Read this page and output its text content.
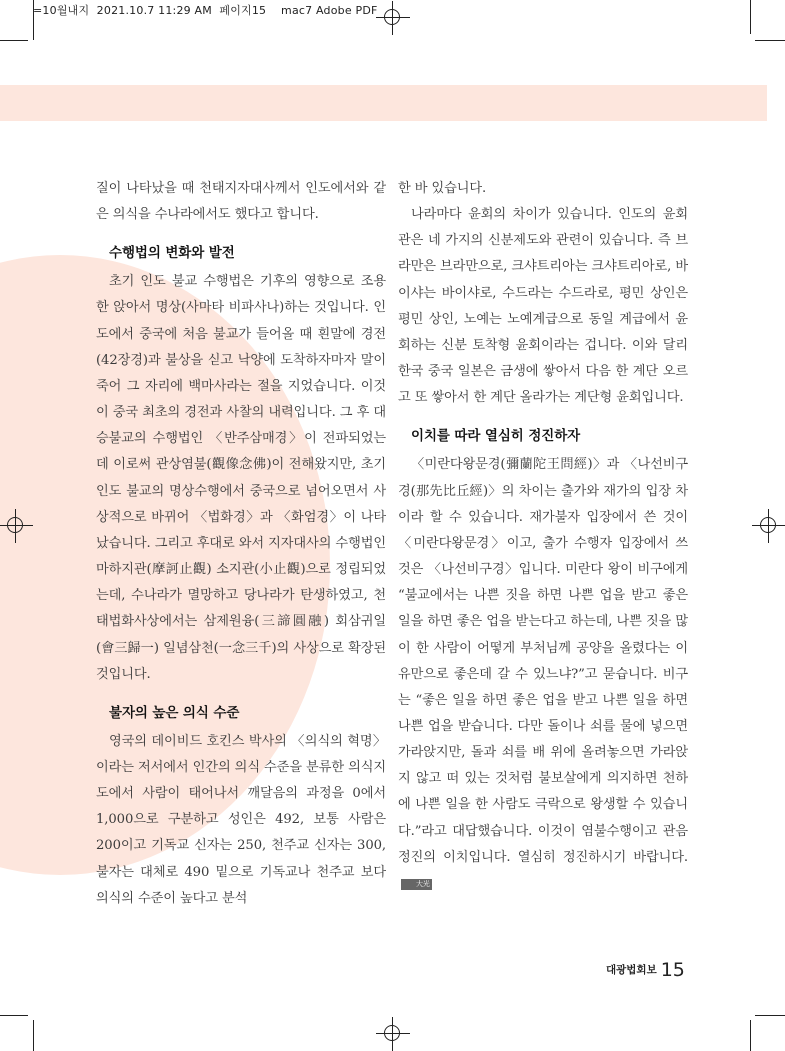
=10월내지  2021.10.7 11:29 AM  페이지15    mac7 Adobe PDF

질이 나타났을 때 천태지자대사께서 인도에서와 같은 의식을 수나라에서도 했다고 합니다.

수행법의 변화와 발전

초기 인도 불교 수행법은 기후의 영향으로 조용한 앉아서 명상(사마타 비파사나)하는 것입니다. 인도에서 중국에 처음 불교가 들어올 때 흰말에 경전(42장경)과 불상을 싣고 낙양에 도착하자마자 말이 죽어 그 자리에 백마사라는 절을 지었습니다. 이것이 중국 최초의 경전과 사찰의 내력입니다. 그 후 대승불교의 수행법인 〈반주삼매경〉이 전파되었는데 이로써 관상염불(觀像念佛)이 전해왔지만, 초기 인도 불교의 명상수행에서 중국으로 넘어오면서 사상적으로 바뀌어 〈법화경〉과 〈화엄경〉이 나타났습니다. 그리고 후대로 와서 지자대사의 수행법인 마하지관(摩訶止觀) 소지관(小止觀)으로 정립되었는데, 수나라가 멸망하고 당나라가 탄생하였고, 천태법화사상에서는 삼제원융(三諦圓融) 회삼귀일(會三歸一) 일념삼천(一念三千)의 사상으로 확장된 것입니다.

불자의 높은 의식 수준

영국의 데이비드 호킨스 박사의 〈의식의 혁명〉이라는 저서에서 인간의 의식 수준을 분류한 의식지도에서 사람이 태어나서 깨달음의 과정을 0에서 1,000으로 구분하고 성인은 492, 보통 사람은 200이고 기독교 신자는 250, 천주교 신자는 300, 불자는 대체로 490 밑으로 기독교나 천주교 보다 의식의 수준이 높다고 분석

한 바 있습니다.

나라마다 윤회의 차이가 있습니다. 인도의 윤회관은 네 가지의 신분제도와 관련이 있습니다. 즉 브라만은 브라만으로, 크샤트리아는 크샤트리아로, 바이샤는 바이샤로, 수드라는 수드라로, 평민 상인은 평민 상인, 노예는 노예계급으로 동일 계급에서 윤회하는 신분 토착형 윤회이라는 겁니다. 이와 달리 한국 중국 일본은 금생에 쌓아서 다음 한 계단 오르고 또 쌓아서 한 계단 올라가는 계단형 윤회입니다.

이치를 따라 열심히 정진하자

〈미란다왕문경(彌蘭陀王問經)〉과 〈나선비구경(那先比丘經)〉의 차이는 출가와 재가의 입장 차이라 할 수 있습니다. 재가불자 입장에서 쓴 것이 〈미란다왕문경〉이고, 출가 수행자 입장에서 쓰 것은 〈나선비구경〉입니다. 미란다 왕이 비구에게 “불교에서는 나쁜 짓을 하면 나쁜 업을 받고 좋은 일을 하면 좋은 업을 받는다고 하는데, 나쁜 짓을 많이 한 사람이 어떻게 부처님께 공양을 올렸다는 이유만으로 좋은데 갈 수 있느냐?”고 묻습니다. 비구는 “좋은 일을 하면 좋은 업을 받고 나쁜 일을 하면 나쁜 업을 받습니다. 다만 돌이나 쇠를 물에 넣으면 가라앉지만, 돌과 쇠를 배 위에 올려놓으면 가라앉지 않고 떠 있는 것처럼 불보살에게 의지하면 천하에 나쁜 일을 한 사람도 극락으로 왕생할 수 있습니다.”라고 대답했습니다. 이것이 염불수행이고 관음정진의 이치입니다. 열심히 정진하시기 바랍니다.大光

대광법회보 15
